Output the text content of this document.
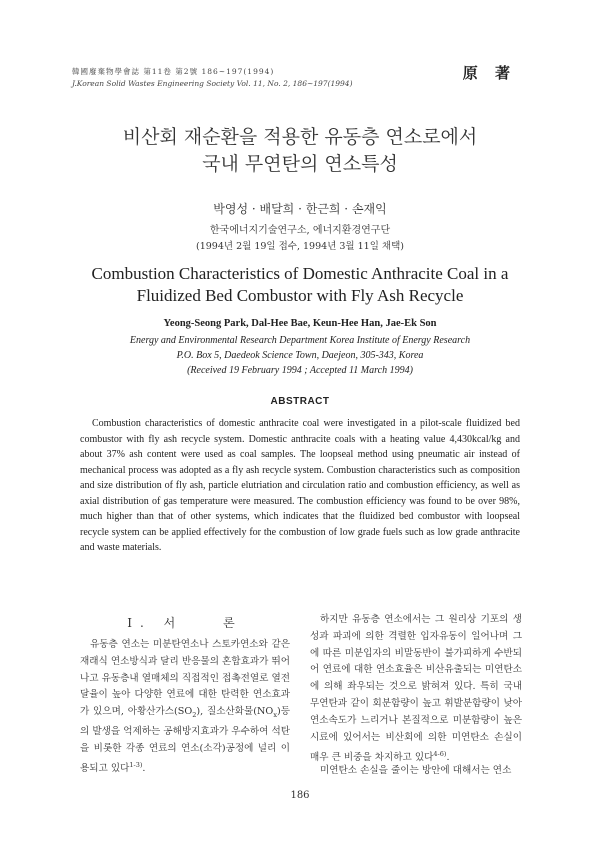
韓國廢棄物學會誌 第11卷 第2號 186~197(1994)
J.Korean Solid Wastes Engineering Society Vol. 11, No. 2, 186~197(1994)
原 著
비산회 재순환을 적용한 유동층 연소로에서
국내 무연탄의 연소특성
박영성 · 배달희 · 한근희 · 손재익
한국에너지기술연구소, 에너지환경연구단
(1994년 2월 19일 접수, 1994년 3월 11일 채택)
Combustion Characteristics of Domestic Anthracite Coal in a
Fluidized Bed Combustor with Fly Ash Recycle
Yeong-Seong Park, Dal-Hee Bae, Keun-Hee Han, Jae-Ek Son
Energy and Environmental Research Department Korea Institute of Energy Research
P.O. Box 5, Daedeok Science Town, Daejeon, 305-343, Korea
(Received 19 February 1994 ; Accepted 11 March 1994)
ABSTRACT

Combustion characteristics of domestic anthracite coal were investigated in a pilot-scale fluidized bed combustor with fly ash recycle system. Domestic anthracite coals with a heating value 4,430kcal/kg and about 37% ash content were used as coal samples. The loopseal method using pneumatic air instead of mechanical process was adopted as a fly ash recycle system. Combustion characteristics such as composition and size distribution of fly ash, particle elutriation and circulation ratio and combustion efficiency, as well as axial distribution of gas temperature were measured. The combustion efficiency was found to be over 98%, much higher than that of other systems, which indicates that the fluidized bed combustor with loopseal recycle system can be applied effectively for the combustion of low grade fuels such as low grade anthracite and waste materials.

I. 서　　론

유동층 연소는 미분탄연소나 스토카연소와 같은 재래식 연소방식과 달리 반응물의 혼합효과가 뛰어나고 유동층내 열매체의 직접적인 접촉전열로 열전달율이 높아 다양한 연료에 대한 탄력한 연소효과가 있으며, 아황산가스$(SO_2)$, 질소산화물$(NO_x)$등의 발생을 억제하는 공해방지효과가 우수하여 석탄을 비롯한 각종 연료의 연소(소각)공정에 널리 이용되고 있다$^{1-3)}$.

하지만 유동층 연소에서는 그 원리상 기포의 생성과 파괴에 의한 격렬한 입자유동이 일어나며 그에 따른 미분입자의 비말동반이 불가피하게 수반되어 연료에 대한 연소효율은 비산유출되는 미연탄소에 의해 좌우되는 것으로 밝혀져 있다. 특히 국내 무연탄과 같이 회분함량이 높고 휘발분함량이 낮아 연소속도가 느리거나 본질적으로 미분함량이 높은 시료에 있어서는 비산회에 의한 미연탄소 손실이 매우 큰 비중을 차지하고 있다$^{4-6)}$.

미연탄소 손실을 줄이는 방안에 대해서는 연소

186
